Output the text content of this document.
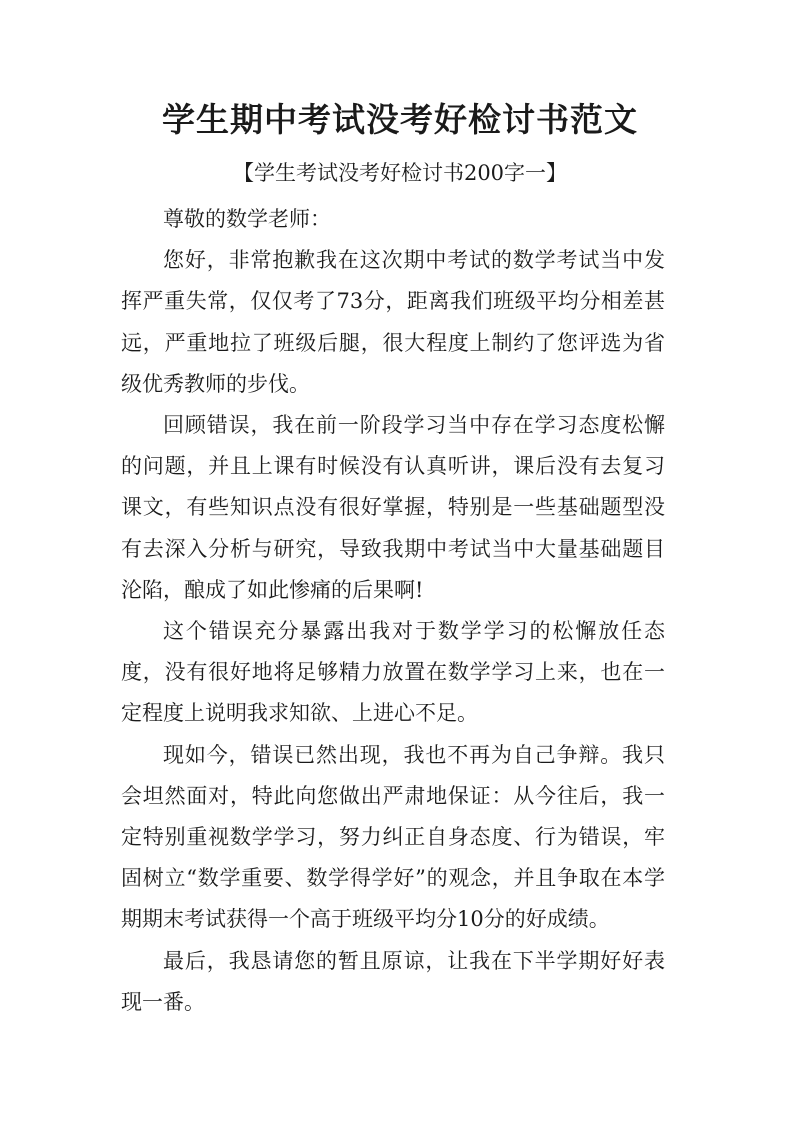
学生期中考试没考好检讨书范文
【学生考试没考好检讨书200字一】

尊敬的数学老师：

您好，非常抱歉我在这次期中考试的数学考试当中发挥严重失常，仅仅考了73分，距离我们班级平均分相差甚远，严重地拉了班级后腿，很大程度上制约了您评选为省级优秀教师的步伐。

回顾错误，我在前一阶段学习当中存在学习态度松懈的问题，并且上课有时候没有认真听讲，课后没有去复习课文，有些知识点没有很好掌握，特别是一些基础题型没有去深入分析与研究，导致我期中考试当中大量基础题目沦陷，酿成了如此惨痛的后果啊!

这个错误充分暴露出我对于数学学习的松懈放任态度，没有很好地将足够精力放置在数学学习上来，也在一定程度上说明我求知欲、上进心不足。

现如今，错误已然出现，我也不再为自己争辩。我只会坦然面对，特此向您做出严肃地保证：从今往后，我一定特别重视数学学习，努力纠正自身态度、行为错误，牢固树立“数学重要、数学得学好”的观念，并且争取在本学期期末考试获得一个高于班级平均分10分的好成绩。

最后，我恳请您的暂且原谅，让我在下半学期好好表现一番。
